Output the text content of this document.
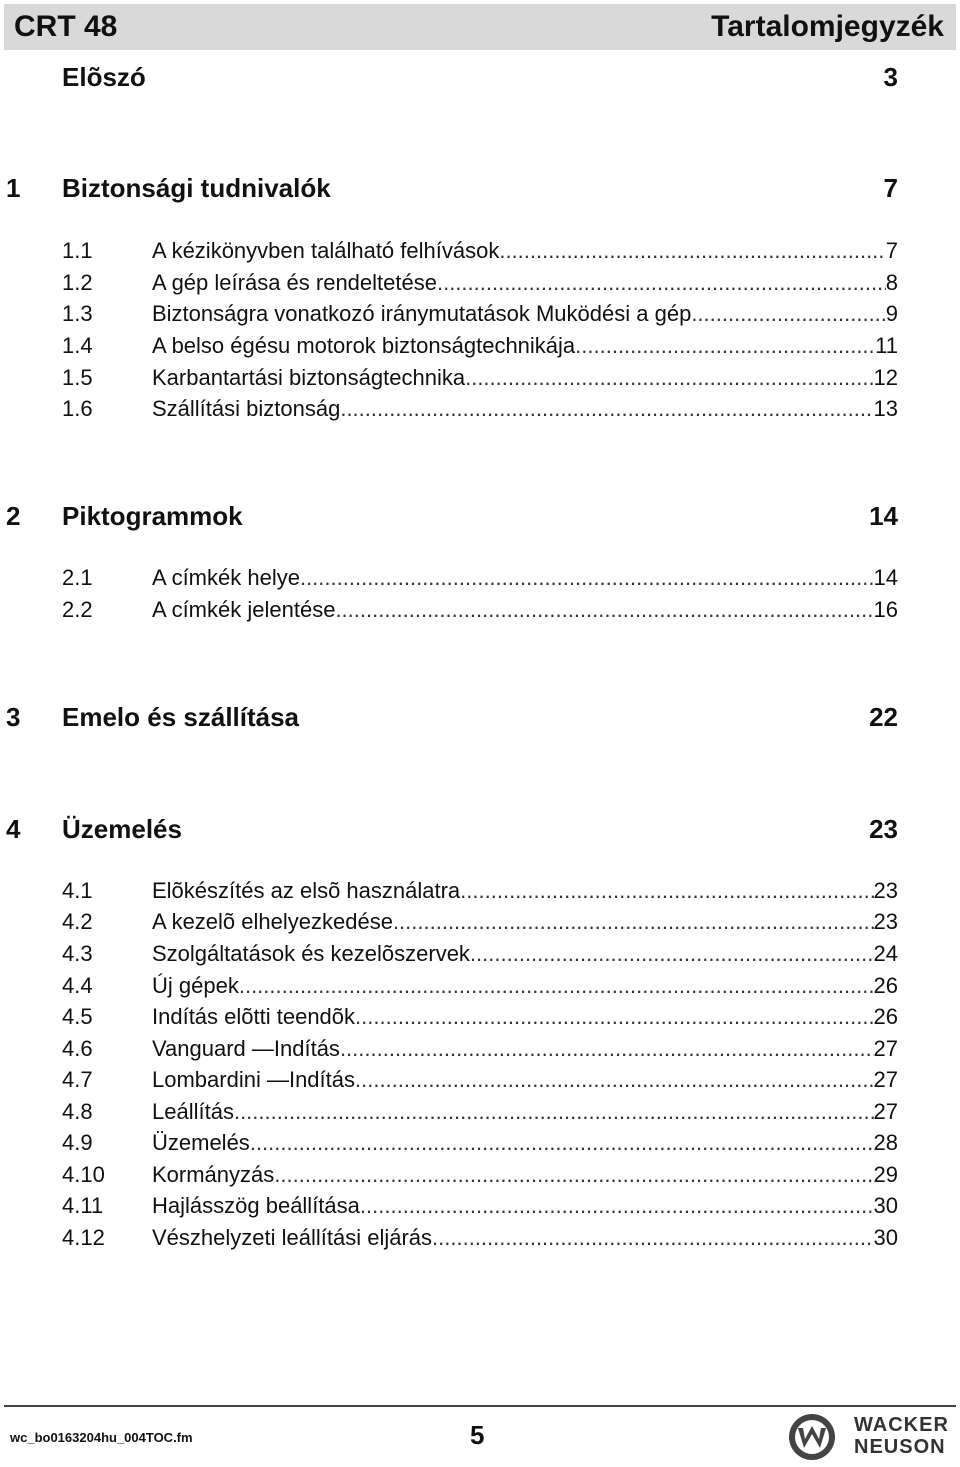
CRT 48	Tartalomjegyzék
Elõszó	3
1 Biztonsági tudnivalók	7
1.1	A kézikönyvben található felhívások .....	7
1.2	A gép leírása és rendeltetése .....	8
1.3	Biztonságra vonatkozó iránymutatások Muködési a gép .....	9
1.4	A belso égésu motorok biztonságtechnikája .....	11
1.5	Karbantartási biztonságtechnika .....	12
1.6	Szállítási biztonság .....	13
2 Piktogrammok	14
2.1	A címkék helye .....	14
2.2	A címkék jelentése .....	16
3 Emelo és szállítása	22
4 Üzemelés	23
4.1	Elõkészítés az elsõ használatra .....	23
4.2	A kezelõ elhelyezkedése .....	23
4.3	Szolgáltatások és kezelõszervek .....	24
4.4	Új gépek .....	26
4.5	Indítás elõtti teendõk .....	26
4.6	Vanguard —Indítás .....	27
4.7	Lombardini —Indítás .....	27
4.8	Leállítás .....	27
4.9	Üzemelés .....	28
4.10 Kormányzás .....	29
4.11 Hajlásszög beállítása .....	30
4.12 Vészhelyzeti leállítási eljárás .....	30
wc_bo0163204hu_004TOC.fm	5	WACKER
NEUSON
